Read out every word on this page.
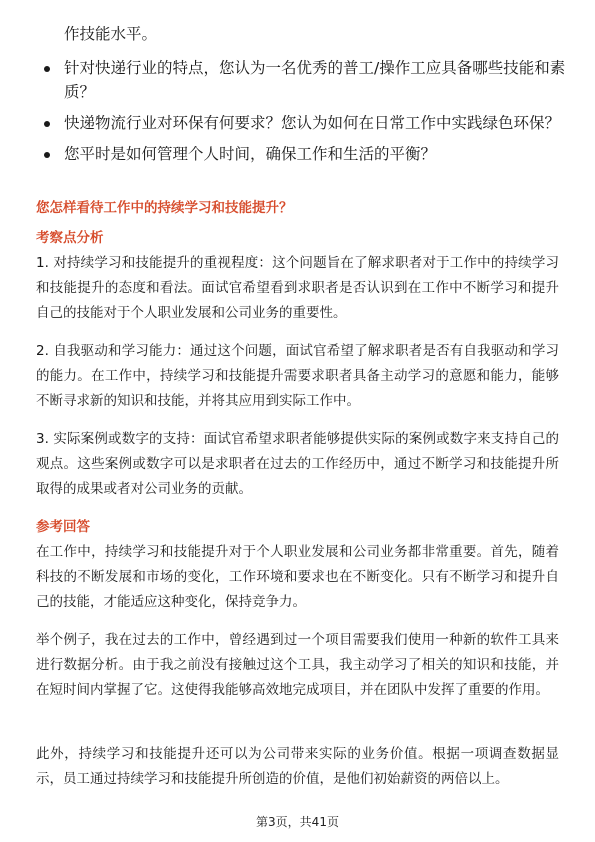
作技能水平。
针对快递行业的特点，您认为一名优秀的普工/操作工应具备哪些技能和素质？
快递物流行业对环保有何要求？您认为如何在日常工作中实践绿色环保？
您平时是如何管理个人时间，确保工作和生活的平衡？
您怎样看待工作中的持续学习和技能提升？
考察点分析

1. 对持续学习和技能提升的重视程度：这个问题旨在了解求职者对于工作中的持续学习和技能提升的态度和看法。面试官希望看到求职者是否认识到在工作中不断学习和提升自己的技能对于个人职业发展和公司业务的重要性。

2. 自我驱动和学习能力：通过这个问题，面试官希望了解求职者是否有自我驱动和学习的能力。在工作中，持续学习和技能提升需要求职者具备主动学习的意愿和能力，能够不断寻求新的知识和技能，并将其应用到实际工作中。

3. 实际案例或数字的支持：面试官希望求职者能够提供实际的案例或数字来支持自己的观点。这些案例或数字可以是求职者在过去的工作经历中，通过不断学习和技能提升所取得的成果或者对公司业务的贡献。

参考回答

在工作中，持续学习和技能提升对于个人职业发展和公司业务都非常重要。首先，随着科技的不断发展和市场的变化，工作环境和要求也在不断变化。只有不断学习和提升自己的技能，才能适应这种变化，保持竞争力。

举个例子，我在过去的工作中，曾经遇到过一个项目需要我们使用一种新的软件工具来进行数据分析。由于我之前没有接触过这个工具，我主动学习了相关的知识和技能，并在短时间内掌握了它。这使得我能够高效地完成项目，并在团队中发挥了重要的作用。

此外，持续学习和技能提升还可以为公司带来实际的业务价值。根据一项调查数据显示，员工通过持续学习和技能提升所创造的价值，是他们初始薪资的两倍以上。

第3页，共41页
